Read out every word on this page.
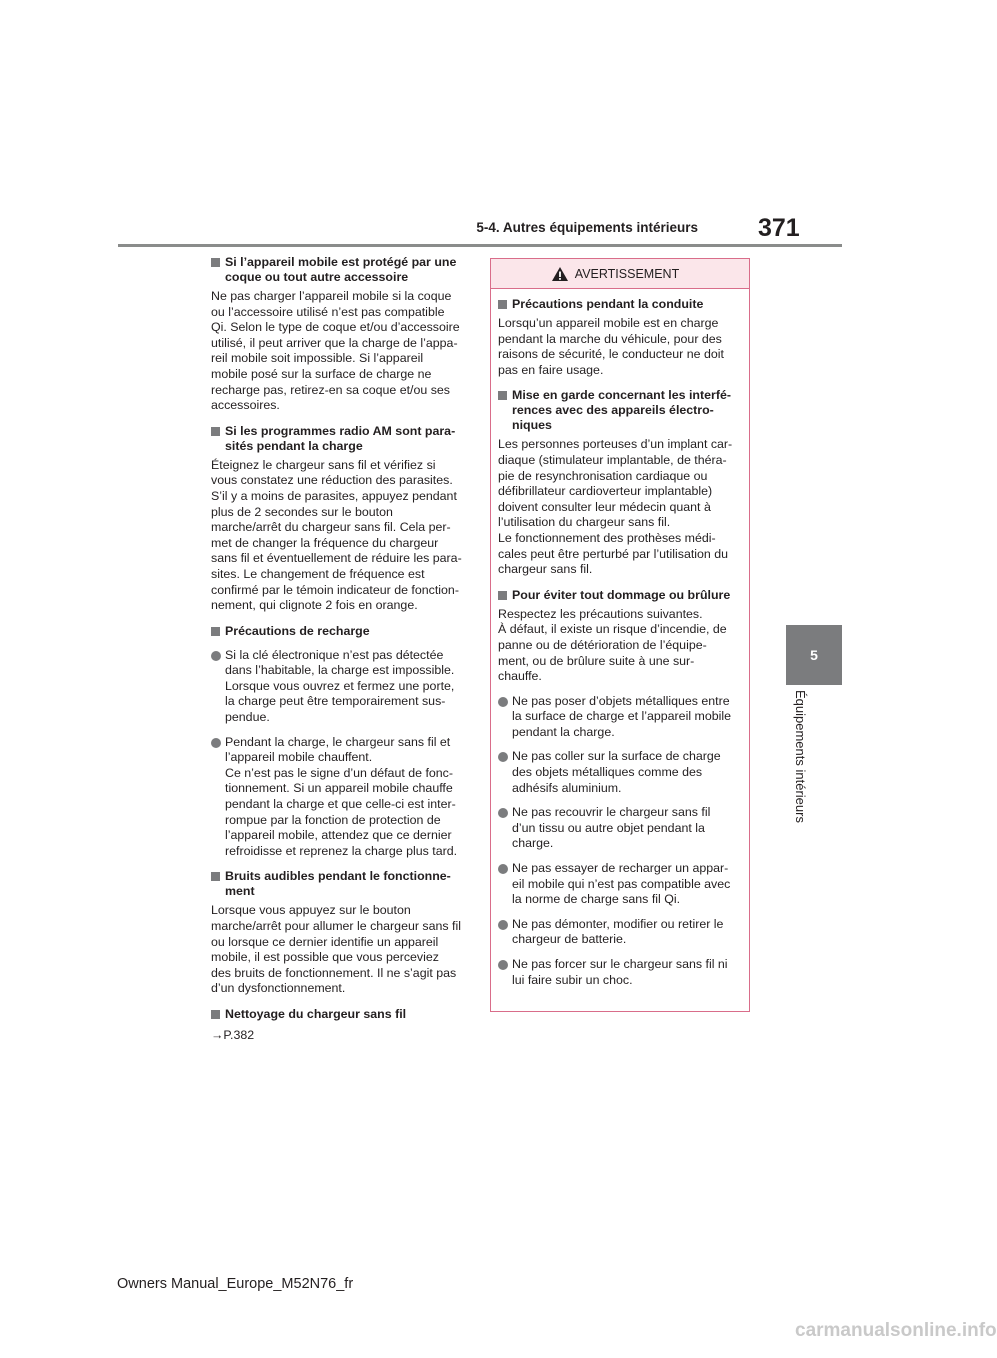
371
5-4. Autres équipements intérieurs
5
Équipements intérieurs
Si l’appareil mobile est protégé par une coque ou tout autre accessoire

Ne pas charger l’appareil mobile si la coque
ou l’accessoire utilisé n’est pas compatible
Qi. Selon le type de coque et/ou d’accessoire
utilisé, il peut arriver que la charge de l’appa-
reil mobile soit impossible. Si l’appareil
mobile posé sur la surface de charge ne
recharge pas, retirez-en sa coque et/ou ses
accessoires.

Si les programmes radio AM sont para-
sités pendant la charge

Éteignez le chargeur sans fil et vérifiez si
vous constatez une réduction des parasites.
S’il y a moins de parasites, appuyez pendant
plus de 2 secondes sur le bouton
marche/arrêt du chargeur sans fil. Cela per-
met de changer la fréquence du chargeur
sans fil et éventuellement de réduire les para-
sites. Le changement de fréquence est
confirmé par le témoin indicateur de fonction-
nement, qui clignote 2 fois en orange.

Précautions de recharge
Si la clé électronique n’est pas détectée
dans l’habitable, la charge est impossible.
Lorsque vous ouvrez et fermez une porte,
la charge peut être temporairement sus-
pendue.
Pendant la charge, le chargeur sans fil et
l’appareil mobile chauffent.
Ce n’est pas le signe d’un défaut de fonc-
tionnement. Si un appareil mobile chauffe
pendant la charge et que celle-ci est inter-
rompue par la fonction de protection de
l’appareil mobile, attendez que ce dernier
refroidisse et reprenez la charge plus tard.
Bruits audibles pendant le fonctionne-
ment

Lorsque vous appuyez sur le bouton
marche/arrêt pour allumer le chargeur sans fil
ou lorsque ce dernier identifie un appareil
mobile, il est possible que vous perceviez
des bruits de fonctionnement. Il ne s’agit pas
d’un dysfonctionnement.

Nettoyage du chargeur sans fil
→P.382
AVERTISSEMENT
Précautions pendant la conduite

Lorsqu’un appareil mobile est en charge
pendant la marche du véhicule, pour des
raisons de sécurité, le conducteur ne doit
pas en faire usage.

Mise en garde concernant les interfé-
rences avec des appareils électro-
niques

Les personnes porteuses d’un implant car-
diaque (stimulateur implantable, de théra-
pie de resynchronisation cardiaque ou
défibrillateur cardioverteur implantable)
doivent consulter leur médecin quant à
l’utilisation du chargeur sans fil.
Le fonctionnement des prothèses médi-
cales peut être perturbé par l’utilisation du
chargeur sans fil.

Pour éviter tout dommage ou brûlure

Respectez les précautions suivantes.
À défaut, il existe un risque d’incendie, de
panne ou de détérioration de l’équipe-
ment, ou de brûlure suite à une sur-
chauffe.

Ne pas poser d’objets métalliques entre
la surface de charge et l’appareil mobile
pendant la charge.
Ne pas coller sur la surface de charge
des objets métalliques comme des
adhésifs aluminium.
Ne pas recouvrir le chargeur sans fil
d’un tissu ou autre objet pendant la
charge.
Ne pas essayer de recharger un appar-
eil mobile qui n’est pas compatible avec
la norme de charge sans fil Qi.
Ne pas démonter, modifier ou retirer le
chargeur de batterie.
Ne pas forcer sur le chargeur sans fil ni
lui faire subir un choc.
Owners Manual_Europe_M52N76_fr
carmanualsonline.info
